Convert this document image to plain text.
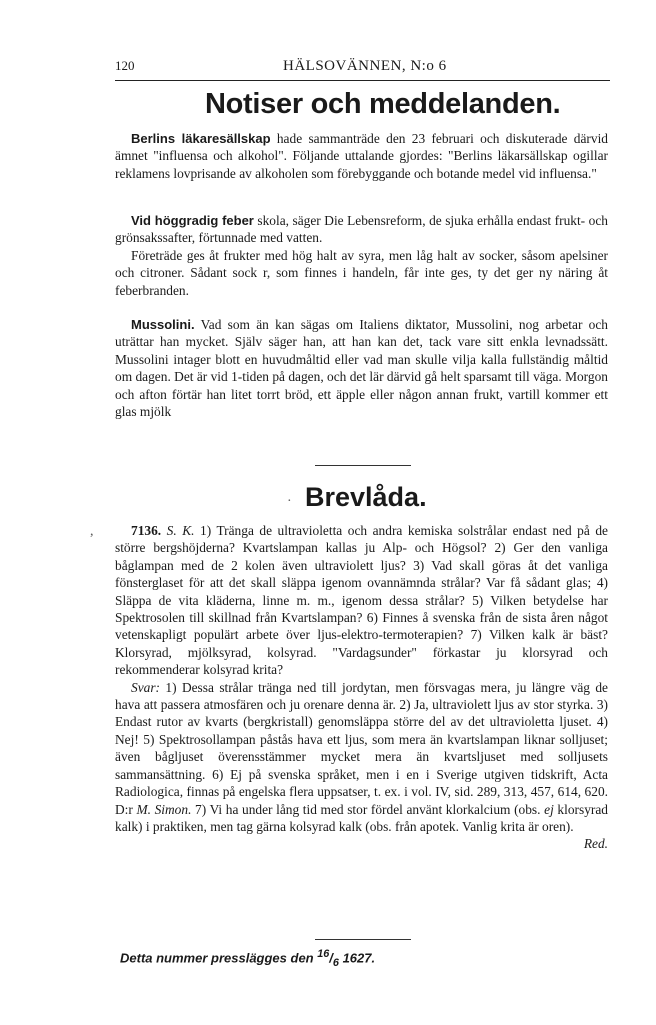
120	HÄLSOVÄNNEN, N:o 6
Notiser och meddelanden.

Berlins läkaresällskap hade sammanträde den 23 februari och diskuterade därvid ämnet "influensa och alkohol". Följande uttalande gjordes: "Berlins läkarsällskap ogillar reklamens lovprisande av alkoholen som förebyggande och botande medel vid influensa."

Vid höggradig feber skola, säger Die Lebensreform, de sjuka erhålla endast frukt- och grönsakssafter, förtunnade med vatten.

Företräde ges åt frukter med hög halt av syra, men låg halt av socker, såsom apelsiner och citroner. Sådant sock r, som finnes i handeln, får inte ges, ty det ger ny näring åt feberbranden.

Mussolini. Vad som än kan sägas om Italiens diktator, Mussolini, nog arbetar och uträttar han mycket. Själv säger han, att han kan det, tack vare sitt enkla levnadssätt. Mussolini intager blott en huvudmåltid eller vad man skulle vilja kalla fullständig måltid om dagen. Det är vid 1-tiden på dagen, och det lär därvid gå helt sparsamt till väga. Morgon och afton förtär han litet torrt bröd, ett äpple eller någon annan frukt, vartill kommer ett glas mjölk

Brevlåda.
·
,	7136. S. K. 1) Tränga de ultravioletta och andra kemiska solstrålar endast ned på de större bergshöjderna? Kvartslampan kallas ju Alp- och Högsol? 2) Ger den vanliga båglampan med de 2 kolen även ultraviolett ljus? 3) Vad skall göras åt det vanliga fönsterglaset för att det skall släppa igenom ovannämnda strålar? Var få sådant glas; 4) Släppa de vita kläderna, linne m. m., igenom dessa strålar? 5) Vilken betydelse har Spektrosolen till skillnad från Kvartslampan? 6) Finnes å svenska från de sista åren något vetenskapligt populärt arbete över ljus-elektro-termoterapien? 7) Vilken kalk är bäst? Klorsyrad, mjölksyrad, kolsyrad. "Vardagsunder" förkastar ju klorsyrad och rekommenderar kolsyrad krita?

Svar: 1) Dessa strålar tränga ned till jordytan, men försvagas mera, ju längre väg de hava att passera atmosfären och ju orenare denna är. 2) Ja, ultraviolett ljus av stor styrka. 3) Endast rutor av kvarts (bergkristall) genomsläppa större del av det ultravioletta ljuset. 4) Nej! 5) Spektrosollampan påstås hava ett ljus, som mera än kvartslampan liknar solljuset; även bågljuset överensstämmer mycket mera än kvartsljuset med solljusets sammansättning. 6) Ej på svenska språket, men i en i Sverige utgiven tidskrift, Acta Radiologica, finnas på engelska flera uppsatser, t. ex. i vol. IV, sid. 289, 313, 457, 614, 620. D:r M. Simon. 7) Vi ha under lång tid med stor fördel använt klorkalcium (obs. ej klorsyrad kalk) i praktiken, men tag gärna kolsyrad kalk (obs. från apotek. Vanlig krita är oren).

Red.

Detta nummer presslägges den $^{16}/_6$ 1627.
